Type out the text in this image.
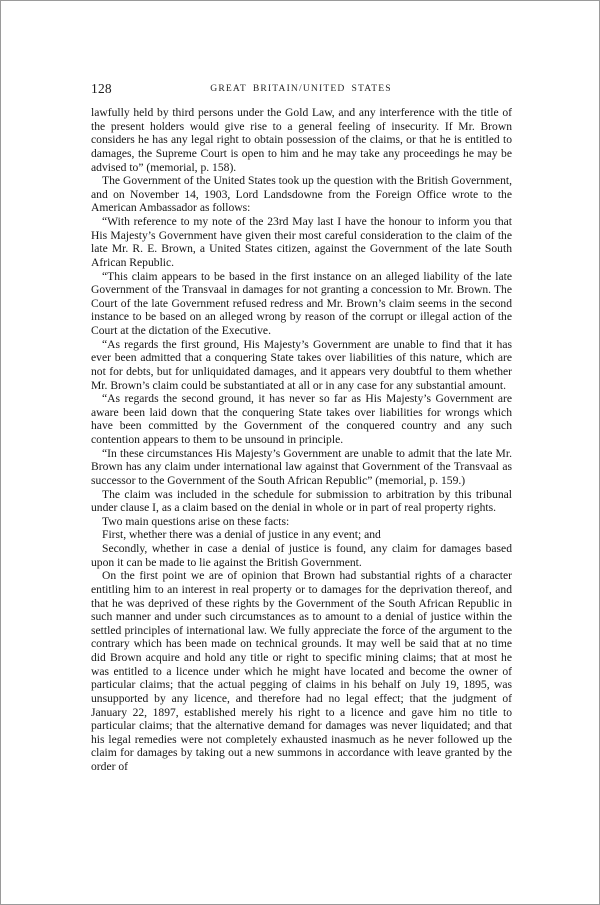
128	GREAT BRITAIN/UNITED STATES

lawfully held by third persons under the Gold Law, and any interference with the title of the present holders would give rise to a general feeling of insecurity. If Mr. Brown considers he has any legal right to obtain possession of the claims, or that he is entitled to damages, the Supreme Court is open to him and he may take any proceedings he may be advised to” (memorial, p. 158).

The Government of the United States took up the question with the British Government, and on November 14, 1903, Lord Landsdowne from the Foreign Office wrote to the American Ambassador as follows:

“With reference to my note of the 23rd May last I have the honour to inform you that His Majesty’s Government have given their most careful consideration to the claim of the late Mr. R. E. Brown, a United States citizen, against the Government of the late South African Republic.

“This claim appears to be based in the first instance on an alleged liability of the late Government of the Transvaal in damages for not granting a concession to Mr. Brown. The Court of the late Government refused redress and Mr. Brown’s claim seems in the second instance to be based on an alleged wrong by reason of the corrupt or illegal action of the Court at the dictation of the Executive.

“As regards the first ground, His Majesty’s Government are unable to find that it has ever been admitted that a conquering State takes over liabilities of this nature, which are not for debts, but for unliquidated damages, and it appears very doubtful to them whether Mr. Brown’s claim could be substantiated at all or in any case for any substantial amount.

“As regards the second ground, it has never so far as His Majesty’s Government are aware been laid down that the conquering State takes over liabilities for wrongs which have been committed by the Government of the conquered country and any such contention appears to them to be unsound in principle.

“In these circumstances His Majesty’s Government are unable to admit that the late Mr. Brown has any claim under international law against that Government of the Transvaal as successor to the Government of the South African Republic” (memorial, p. 159.)

The claim was included in the schedule for submission to arbitration by this tribunal under clause I, as a claim based on the denial in whole or in part of real property rights.

Two main questions arise on these facts:

First, whether there was a denial of justice in any event; and

Secondly, whether in case a denial of justice is found, any claim for damages based upon it can be made to lie against the British Government.

On the first point we are of opinion that Brown had substantial rights of a character entitling him to an interest in real property or to damages for the deprivation thereof, and that he was deprived of these rights by the Government of the South African Republic in such manner and under such circumstances as to amount to a denial of justice within the settled principles of international law. We fully appreciate the force of the argument to the contrary which has been made on technical grounds. It may well be said that at no time did Brown acquire and hold any title or right to specific mining claims; that at most he was entitled to a licence under which he might have located and become the owner of particular claims; that the actual pegging of claims in his behalf on July 19, 1895, was unsupported by any licence, and therefore had no legal effect; that the judgment of January 22, 1897, established merely his right to a licence and gave him no title to particular claims; that the alternative demand for damages was never liquidated; and that his legal remedies were not completely exhausted inasmuch as he never followed up the claim for damages by taking out a new summons in accordance with leave granted by the order of
